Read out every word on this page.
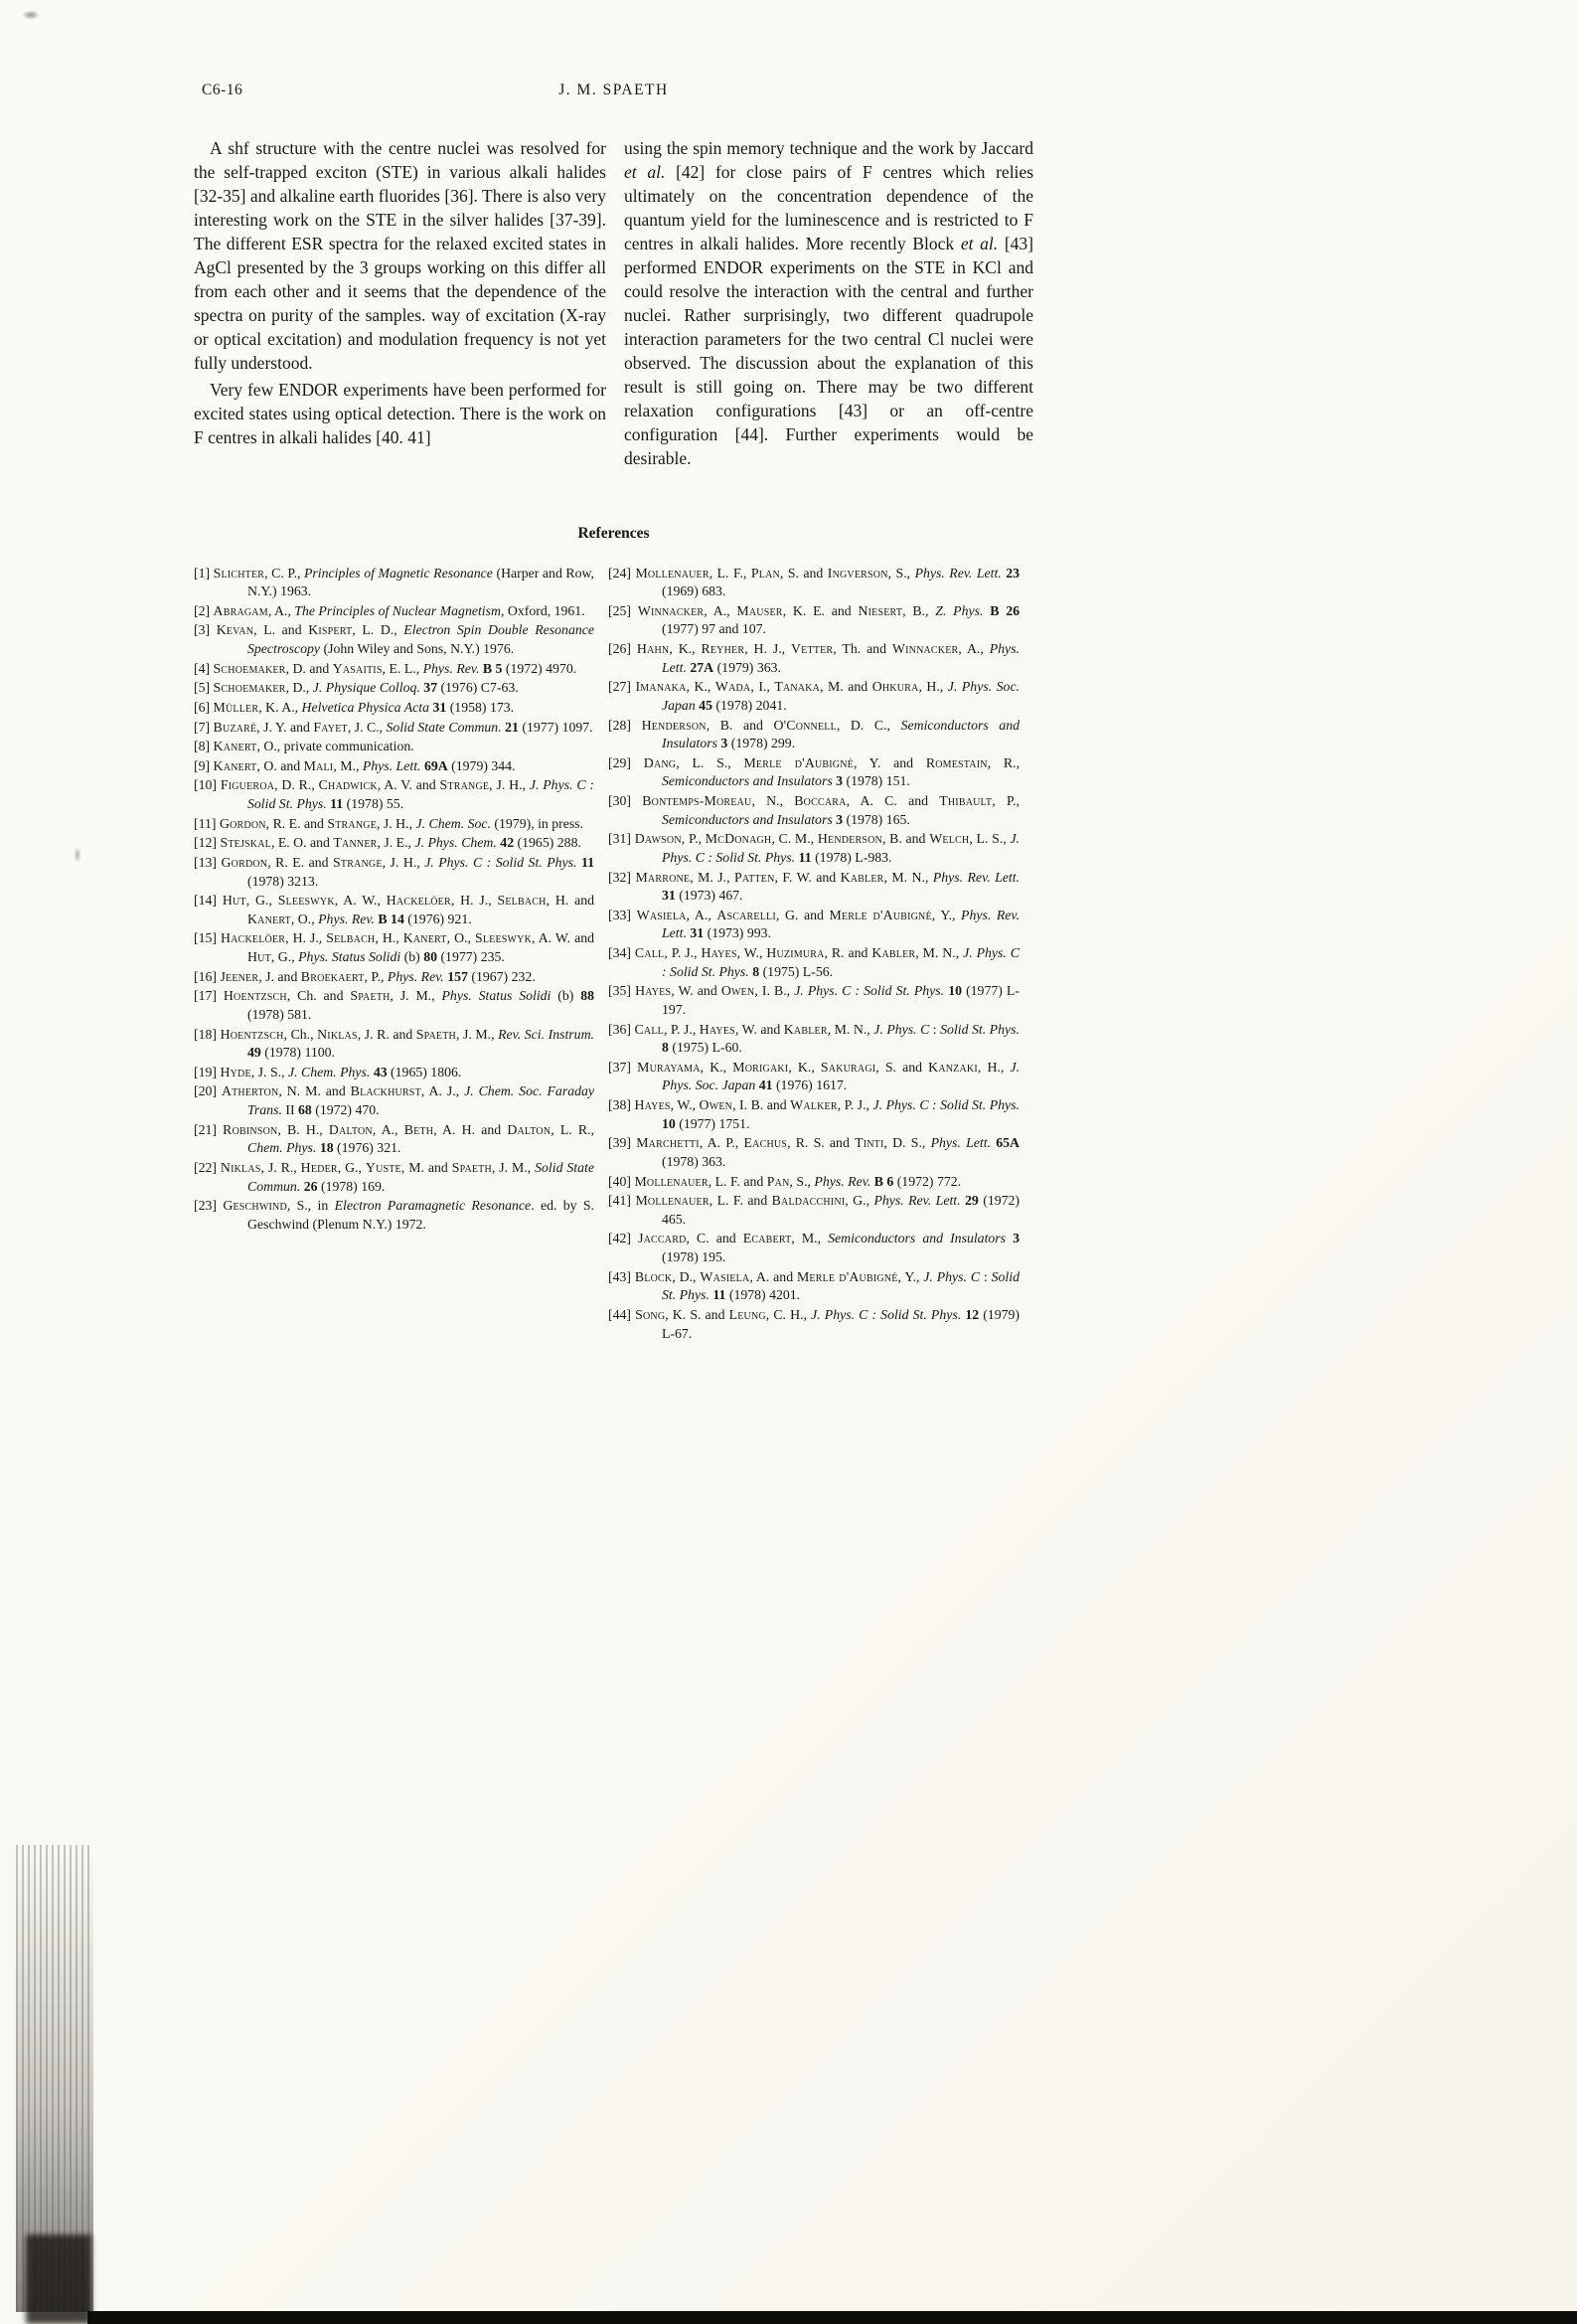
C6-16	J. M. SPAETH

A shf structure with the centre nuclei was resolved for the self-trapped exciton (STE) in various alkali halides [32-35] and alkaline earth fluorides [36]. There is also very interesting work on the STE in the silver halides [37-39]. The different ESR spectra for the relaxed excited states in AgCl presented by the 3 groups working on this differ all from each other and it seems that the dependence of the spectra on purity of the samples. way of excitation (X-ray or optical excitation) and modulation frequency is not yet fully understood.

Very few ENDOR experiments have been performed for excited states using optical detection. There is the work on F centres in alkali halides [40. 41]

using the spin memory technique and the work by Jaccard et al. [42] for close pairs of F centres which relies ultimately on the concentration dependence of the quantum yield for the luminescence and is restricted to F centres in alkali halides. More recently Block et al. [43] performed ENDOR experiments on the STE in KCl and could resolve the interaction with the central and further nuclei. Rather surprisingly, two different quadrupole interaction parameters for the two central Cl nuclei were observed. The discussion about the explanation of this result is still going on. There may be two different relaxation configurations [43] or an off-centre configuration [44]. Further experiments would be desirable.

References
[1] Slichter, C. P., Principles of Magnetic Resonance (Harper and Row, N.Y.) 1963.
[2] Abragam, A., The Principles of Nuclear Magnetism, Oxford, 1961.
[3] Kevan, L. and Kispert, L. D., Electron Spin Double Resonance Spectroscopy (John Wiley and Sons, N.Y.) 1976.
[4] Schoemaker, D. and Yasaitis, E. L., Phys. Rev. B 5 (1972) 4970.
[5] Schoemaker, D., J. Physique Colloq. 37 (1976) C7-63.
[6] Müller, K. A., Helvetica Physica Acta 31 (1958) 173.
[7] Buzaré, J. Y. and Fayet, J. C., Solid State Commun. 21 (1977) 1097.
[8] Kanert, O., private communication.
[9] Kanert, O. and Mali, M., Phys. Lett. 69A (1979) 344.
[10] Figueroa, D. R., Chadwick, A. V. and Strange, J. H., J. Phys. C : Solid St. Phys. 11 (1978) 55.
[11] Gordon, R. E. and Strange, J. H., J. Chem. Soc. (1979), in press.
[12] Stejskal, E. O. and Tanner, J. E., J. Phys. Chem. 42 (1965) 288.
[13] Gordon, R. E. and Strange, J. H., J. Phys. C : Solid St. Phys. 11 (1978) 3213.
[14] Hut, G., Sleeswyk, A. W., Hackelöer, H. J., Selbach, H. and Kanert, O., Phys. Rev. B 14 (1976) 921.
[15] Hackelöer, H. J., Selbach, H., Kanert, O., Sleeswyk, A. W. and Hut, G., Phys. Status Solidi (b) 80 (1977) 235.
[16] Jeener, J. and Broekaert, P., Phys. Rev. 157 (1967) 232.
[17] Hoentzsch, Ch. and Spaeth, J. M., Phys. Status Solidi (b) 88 (1978) 581.
[18] Hoentzsch, Ch., Niklas, J. R. and Spaeth, J. M., Rev. Sci. Instrum. 49 (1978) 1100.
[19] Hyde, J. S., J. Chem. Phys. 43 (1965) 1806.
[20] Atherton, N. M. and Blackhurst, A. J., J. Chem. Soc. Faraday Trans. II 68 (1972) 470.
[21] Robinson, B. H., Dalton, A., Beth, A. H. and Dalton, L. R., Chem. Phys. 18 (1976) 321.
[22] Niklas, J. R., Heder, G., Yuste, M. and Spaeth, J. M., Solid State Commun. 26 (1978) 169.
[23] Geschwind, S., in Electron Paramagnetic Resonance. ed. by S. Geschwind (Plenum N.Y.) 1972.
[24] Mollenauer, L. F., Plan, S. and Ingverson, S., Phys. Rev. Lett. 23 (1969) 683.
[25] Winnacker, A., Mauser, K. E. and Niesert, B., Z. Phys. B 26 (1977) 97 and 107.
[26] Hahn, K., Reyher, H. J., Vetter, Th. and Winnacker, A., Phys. Lett. 27A (1979) 363.
[27] Imanaka, K., Wada, I., Tanaka, M. and Ohkura, H., J. Phys. Soc. Japan 45 (1978) 2041.
[28] Henderson, B. and O'Connell, D. C., Semiconductors and Insulators 3 (1978) 299.
[29] Dang, L. S., Merle d'Aubigné, Y. and Romestain, R., Semiconductors and Insulators 3 (1978) 151.
[30] Bontemps-Moreau, N., Boccara, A. C. and Thibault, P., Semiconductors and Insulators 3 (1978) 165.
[31] Dawson, P., McDonagh, C. M., Henderson, B. and Welch, L. S., J. Phys. C : Solid St. Phys. 11 (1978) L-983.
[32] Marrone, M. J., Patten, F. W. and Kabler, M. N., Phys. Rev. Lett. 31 (1973) 467.
[33] Wasiela, A., Ascarelli, G. and Merle d'Aubigné, Y., Phys. Rev. Lett. 31 (1973) 993.
[34] Call, P. J., Hayes, W., Huzimura, R. and Kabler, M. N., J. Phys. C : Solid St. Phys. 8 (1975) L-56.
[35] Hayes, W. and Owen, I. B., J. Phys. C : Solid St. Phys. 10 (1977) L-197.
[36] Call, P. J., Hayes, W. and Kabler, M. N., J. Phys. C : Solid St. Phys. 8 (1975) L-60.
[37] Murayama, K., Morigaki, K., Sakuragi, S. and Kanzaki, H., J. Phys. Soc. Japan 41 (1976) 1617.
[38] Hayes, W., Owen, I. B. and Walker, P. J., J. Phys. C : Solid St. Phys. 10 (1977) 1751.
[39] Marchetti, A. P., Eachus, R. S. and Tinti, D. S., Phys. Lett. 65A (1978) 363.
[40] Mollenauer, L. F. and Pan, S., Phys. Rev. B 6 (1972) 772.
[41] Mollenauer, L. F. and Baldacchini, G., Phys. Rev. Lett. 29 (1972) 465.
[42] Jaccard, C. and Ecabert, M., Semiconductors and Insulators 3 (1978) 195.
[43] Block, D., Wasiela, A. and Merle d'Aubigné, Y., J. Phys. C : Solid St. Phys. 11 (1978) 4201.
[44] Song, K. S. and Leung, C. H., J. Phys. C : Solid St. Phys. 12 (1979) L-67.
